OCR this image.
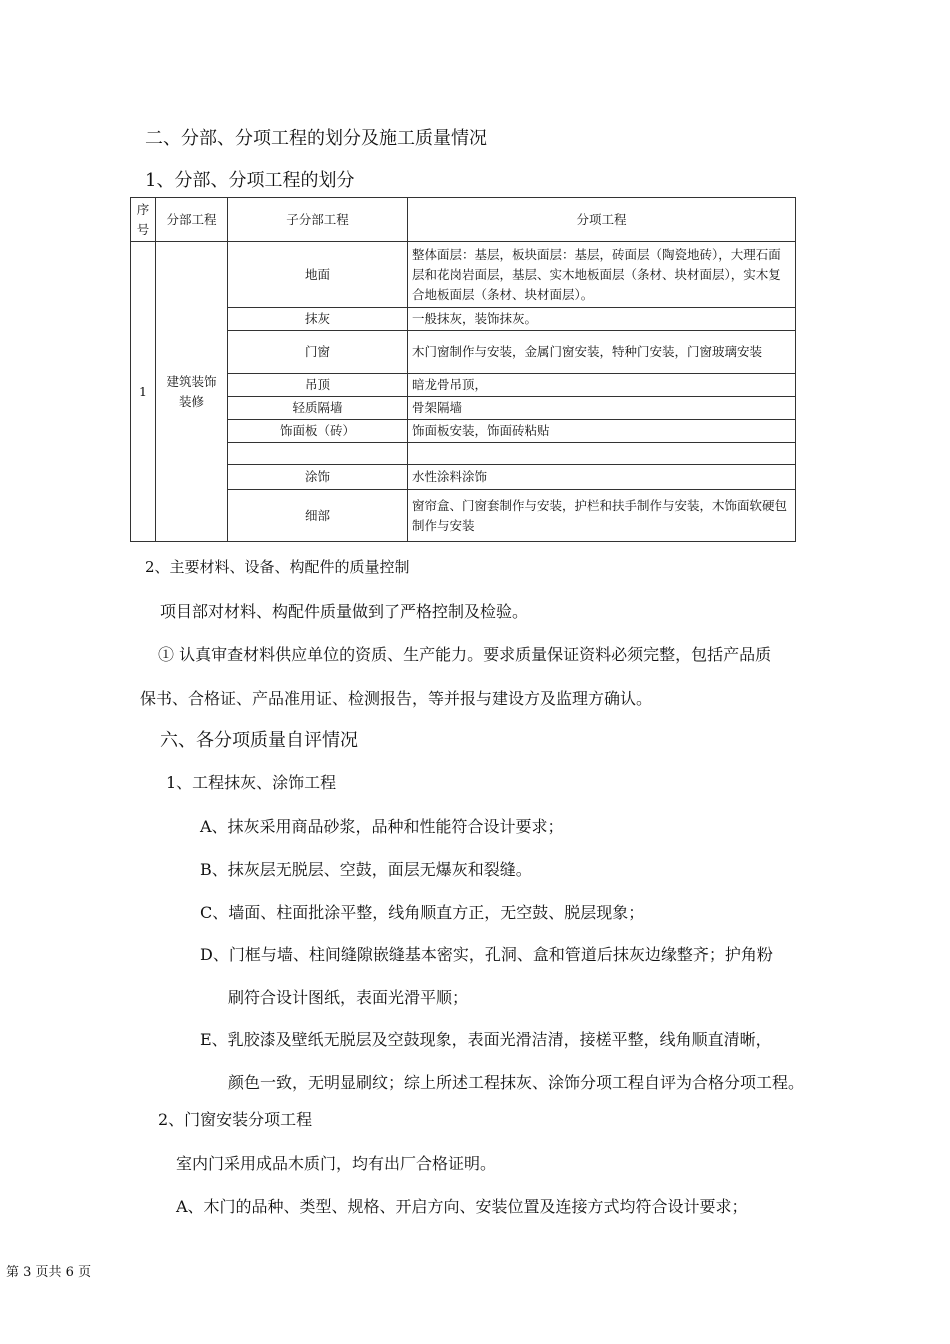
二、分部、分项工程的划分及施工质量情况
1、分部、分项工程的划分
序号	分部工程	子分部工程	分项工程
1	建筑装饰装修	地面	整体面层：基层，板块面层：基层，砖面层（陶瓷地砖），大理石面层和花岗岩面层，基层、实木地板面层（条材、块材面层），实木复合地板面层（条材、块材面层）。
		抹灰	一般抹灰，装饰抹灰。
		门窗	木门窗制作与安装，金属门窗安装，特种门安装，门窗玻璃安装
		吊顶	暗龙骨吊顶，
		轻质隔墙	骨架隔墙
		饰面板（砖）	饰面板安装，饰面砖粘贴

		涂饰	水性涂料涂饰
		细部	窗帘盒、门窗套制作与安装，护栏和扶手制作与安装，木饰面软硬包制作与安装
2、主要材料、设备、构配件的质量控制
项目部对材料、构配件质量做到了严格控制及检验。
① 认真审查材料供应单位的资质、生产能力。要求质量保证资料必须完整，包括产品质
保书、合格证、产品准用证、检测报告，等并报与建设方及监理方确认。
六、各分项质量自评情况
1、工程抹灰、涂饰工程
A、抹灰采用商品砂浆，品种和性能符合设计要求；
B、抹灰层无脱层、空鼓，面层无爆灰和裂缝。
C、墙面、柱面批涂平整，线角顺直方正，无空鼓、脱层现象；
D、门框与墙、柱间缝隙嵌缝基本密实，孔洞、盒和管道后抹灰边缘整齐；护角粉
刷符合设计图纸，表面光滑平顺；
E、乳胶漆及壁纸无脱层及空鼓现象，表面光滑洁清，接槎平整，线角顺直清晰，
颜色一致，无明显刷纹；综上所述工程抹灰、涂饰分项工程自评为合格分项工程。
2、门窗安装分项工程
室内门采用成品木质门，均有出厂合格证明。
A、木门的品种、类型、规格、开启方向、安装位置及连接方式均符合设计要求；
第 3 页共 6 页
